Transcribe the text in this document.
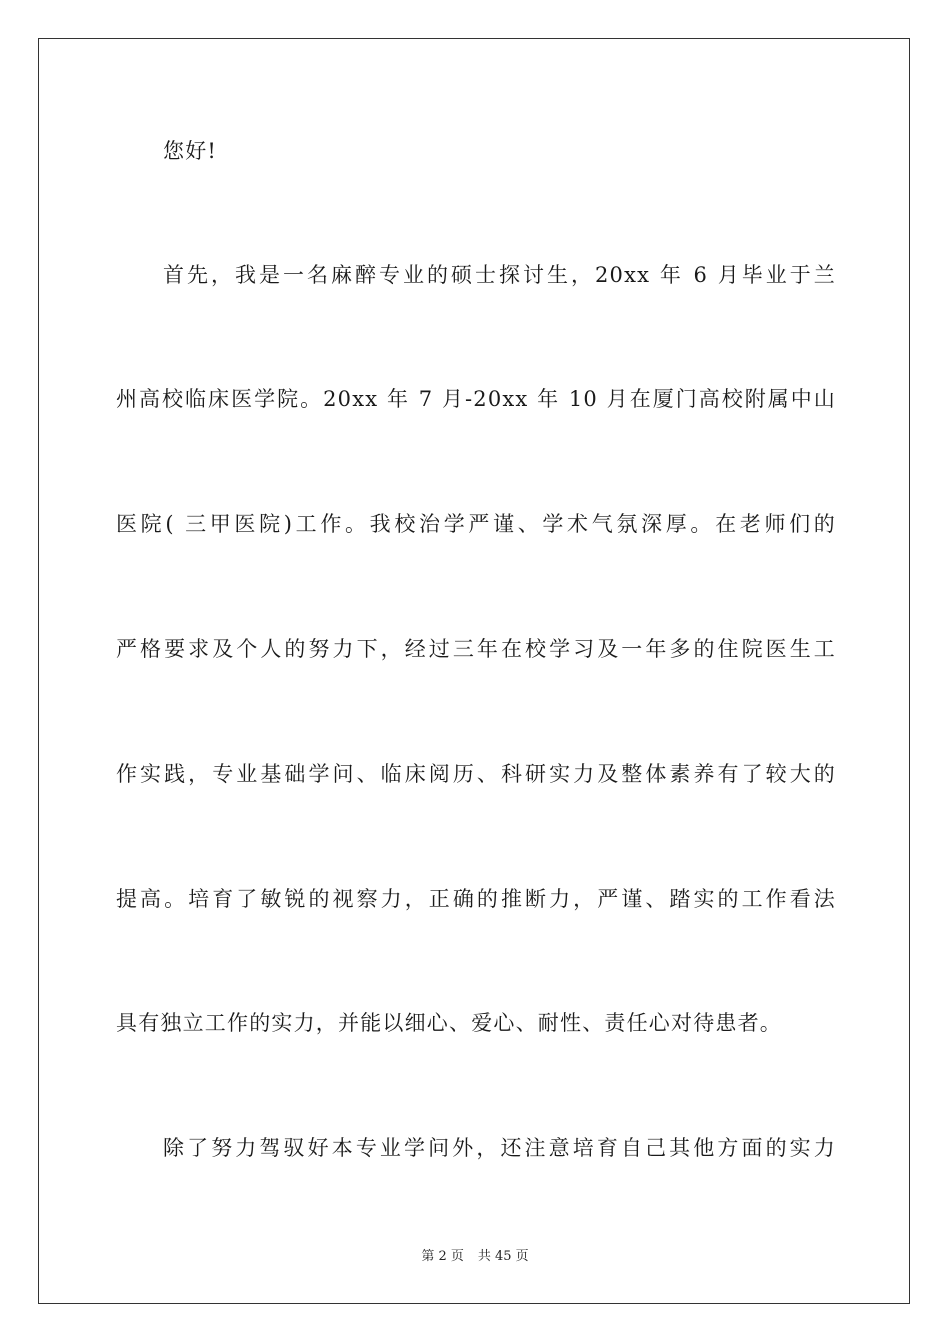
您好!
首先，我是一名麻醉专业的硕士探讨生，20xx 年 6 月毕业于兰
州高校临床医学院。20xx 年 7 月-20xx 年 10 月在厦门高校附属中山
医院( 三甲医院)工作。我校治学严谨、学术气氛深厚。在老师们的
严格要求及个人的努力下，经过三年在校学习及一年多的住院医生工
作实践，专业基础学问、临床阅历、科研实力及整体素养有了较大的
提高。培育了敏锐的视察力，正确的推断力，严谨、踏实的工作看法
具有独立工作的实力，并能以细心、爱心、耐性、责任心对待患者。
除了努力驾驭好本专业学问外，还注意培育自己其他方面的实力
第 2 页 共 45 页
